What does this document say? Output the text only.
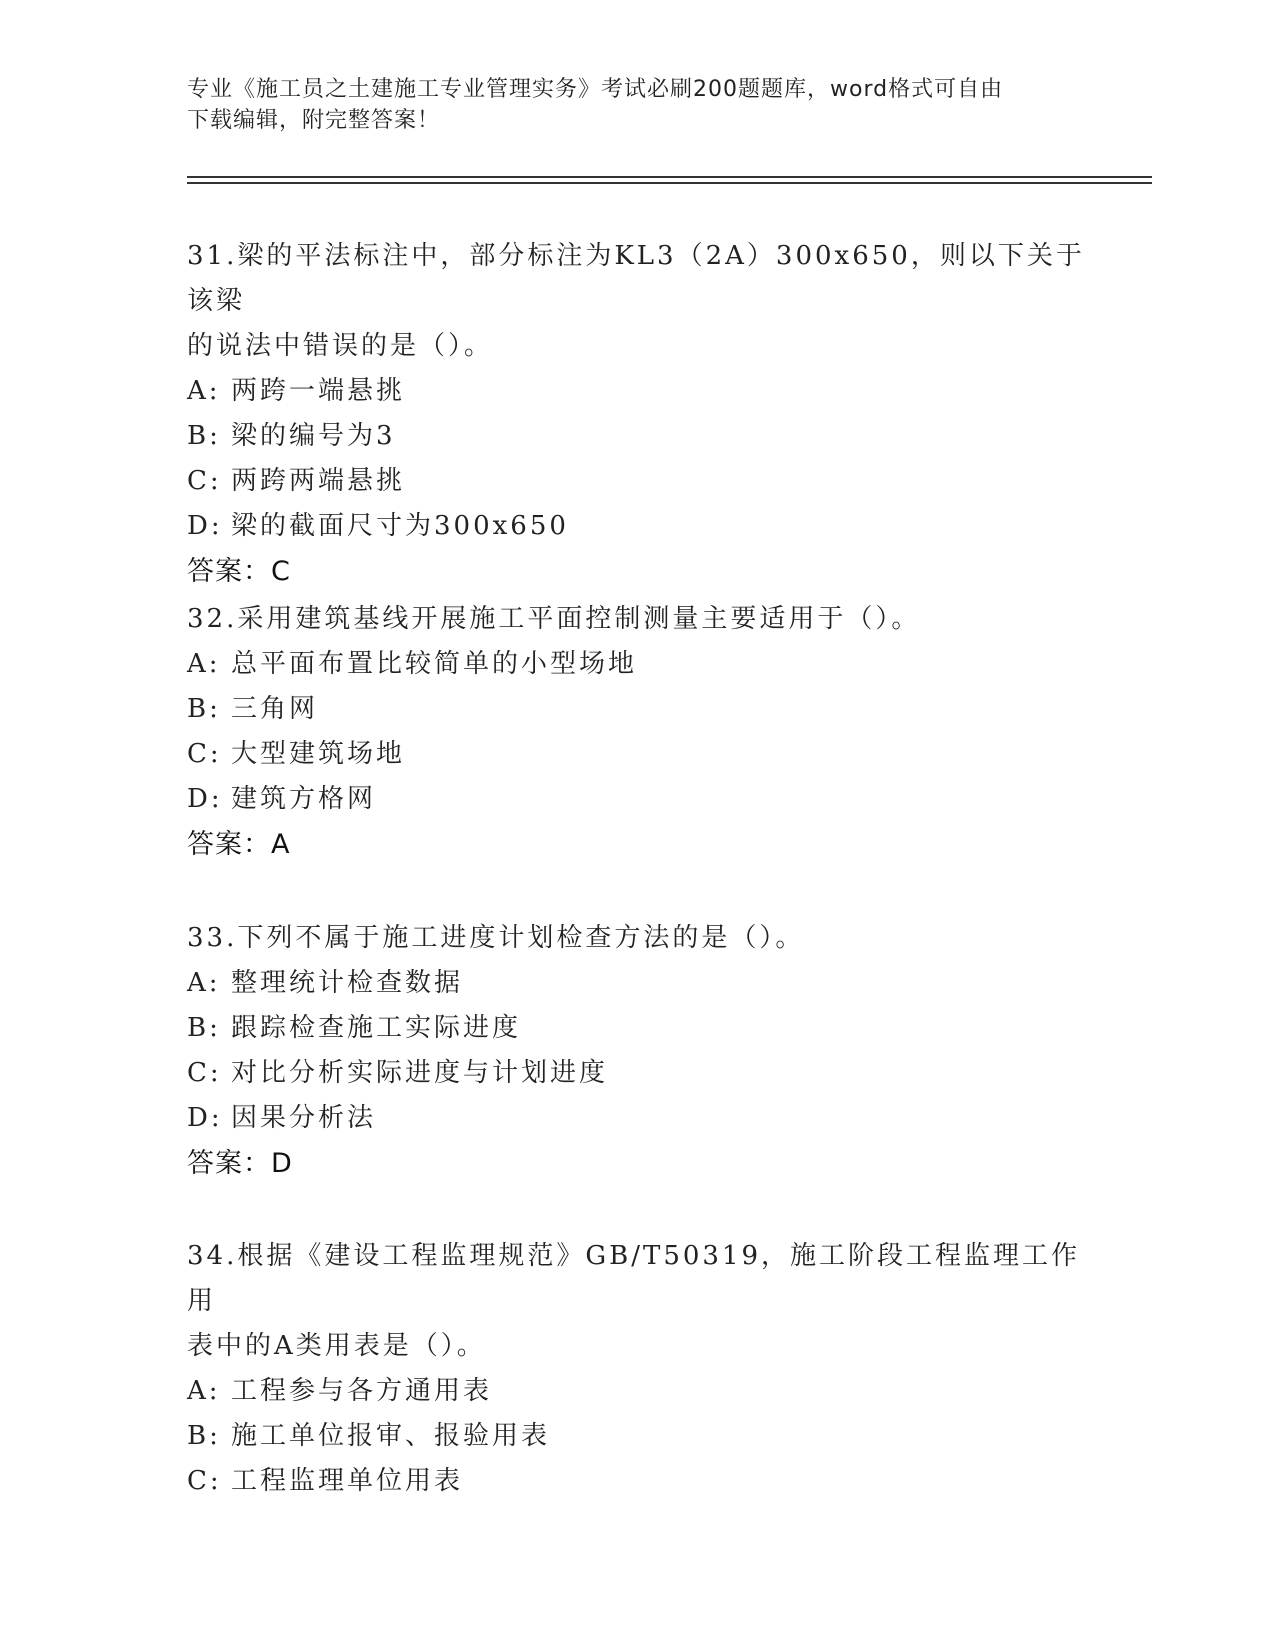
专业《施工员之土建施工专业管理实务》考试必刷200题题库，word格式可自由
下载编辑，附完整答案！

31.梁的平法标注中，部分标注为KL3（2A）300x650，则以下关于该梁

的说法中错误的是（）。

A: 两跨一端悬挑

B: 梁的编号为3

C: 两跨两端悬挑

D: 梁的截面尺寸为300x650

答案：C

32.采用建筑基线开展施工平面控制测量主要适用于（）。

A: 总平面布置比较简单的小型场地

B: 三角网

C: 大型建筑场地

D: 建筑方格网

答案：A

33.下列不属于施工进度计划检查方法的是（）。

A: 整理统计检查数据

B: 跟踪检查施工实际进度

C: 对比分析实际进度与计划进度

D: 因果分析法

答案：D

34.根据《建设工程监理规范》GB/T50319，施工阶段工程监理工作用

表中的A类用表是（）。

A: 工程参与各方通用表

B: 施工单位报审、报验用表

C: 工程监理单位用表
